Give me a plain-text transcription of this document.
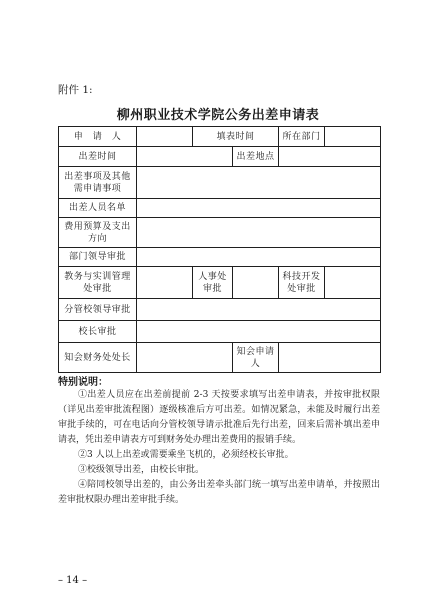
附件 1:
柳州职业技术学院公务出差申请表
申　请　人		填表时间		所在部门	
出差时间			出差地点		
出差事项及其他需申请事项					
出差人员名单					
费用预算及支出方向					
部门领导审批					
教务与实训管理处审批		人事处审批		科技开发处审批	
分管校领导审批					
校长审批					
知会财务处处长			知会申请人		
特别说明：

①出差人员应在出差前提前 2-3 天按要求填写出差申请表，并按审批权限（详见出差审批流程图）逐级核准后方可出差。如情况紧急，未能及时履行出差审批手续的，可在电话向分管校领导请示批准后先行出差，回来后需补填出差申请表，凭出差申请表方可到财务处办理出差费用的报销手续。

②3 人以上出差或需要乘坐飞机的，必须经校长审批。

③校级领导出差，由校长审批。

④陪同校领导出差的，由公务出差牵头部门统一填写出差申请单，并按照出差审批权限办理出差审批手续。

– 14 –
